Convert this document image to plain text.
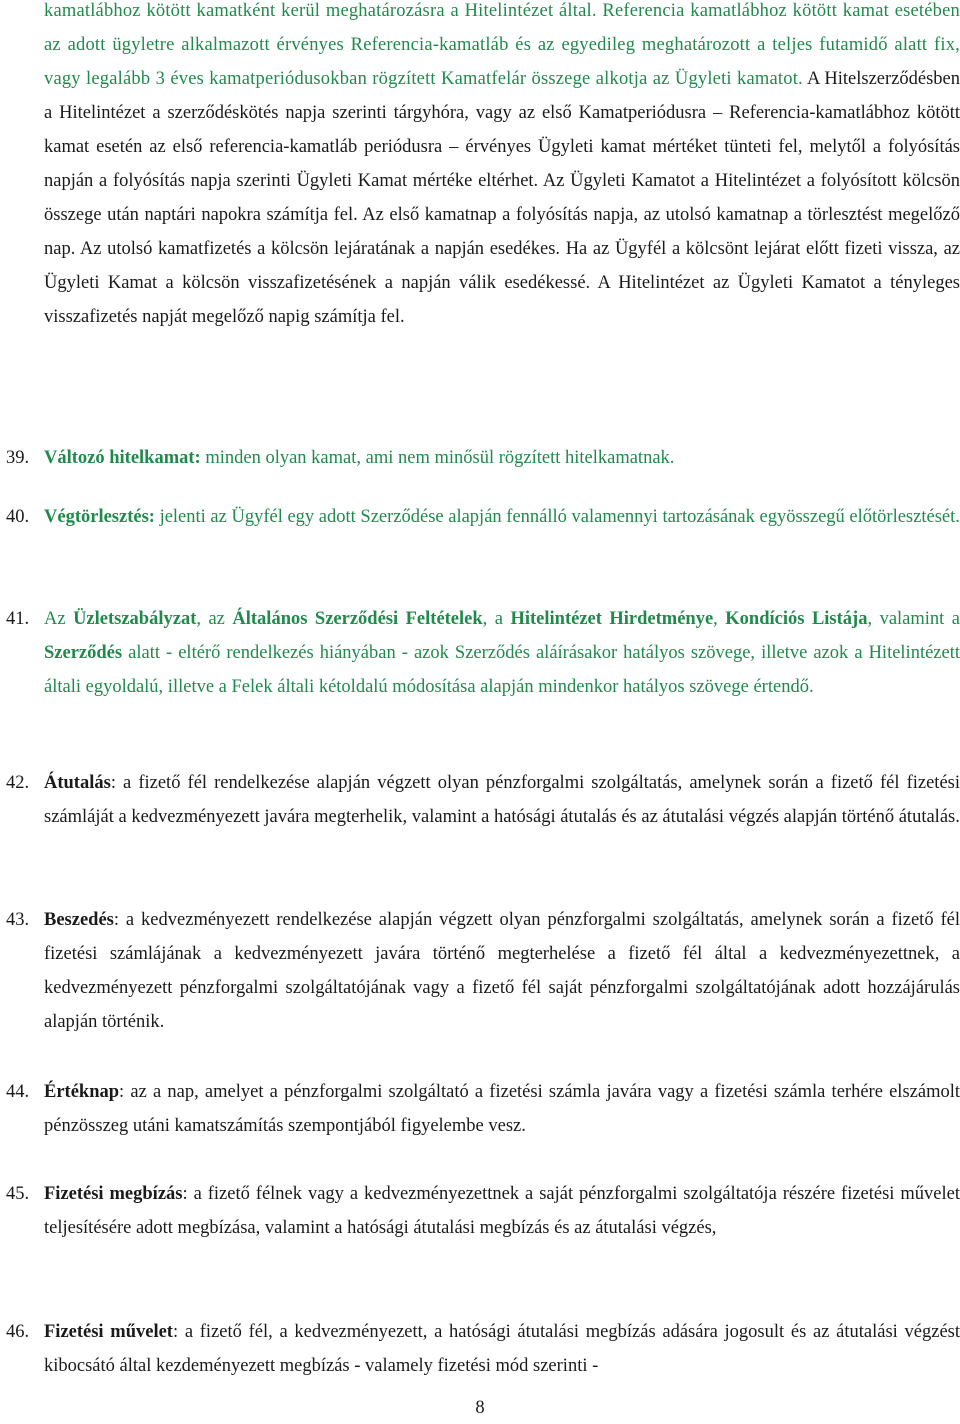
kamatlábhoz kötött kamatként kerül meghatározásra a Hitelintézet által. Referencia kamatlábhoz kötött kamat esetében az adott ügyletre alkalmazott érvényes Referencia-kamatláb és az egyedileg meghatározott a teljes futamidő alatt fix, vagy legalább 3 éves kamatperiódusokban rögzített Kamatfelár összege alkotja az Ügyleti kamatot. A Hitelszerződésben a Hitelintézet a szerződéskötés napja szerinti tárgyhóra, vagy az első Kamatperiódusra – Referencia-kamatlábhoz kötött kamat esetén az első referencia-kamatláb periódusra – érvényes Ügyleti kamat mértéket tünteti fel, melytől a folyósítás napján a folyósítás napja szerinti Ügyleti Kamat mértéke eltérhet. Az Ügyleti Kamatot a Hitelintézet a folyósított kölcsön összege után naptári napokra számítja fel. Az első kamatnap a folyósítás napja, az utolsó kamatnap a törlesztést megelőző nap. Az utolsó kamatfizetés a kölcsön lejáratának a napján esedékes. Ha az Ügyfél a kölcsönt lejárat előtt fizeti vissza, az Ügyleti Kamat a kölcsön visszafizetésének a napján válik esedékessé. A Hitelintézet az Ügyleti Kamatot a tényleges visszafizetés napját megelőző napig számítja fel.

39. Változó hitelkamat: minden olyan kamat, ami nem minősül rögzített hitelkamatnak.
40. Végtörlesztés: jelenti az Ügyfél egy adott Szerződése alapján fennálló valamennyi tartozásának egyösszegű előtörlesztését.
41. Az Üzletszabályzat, az Általános Szerződési Feltételek, a Hitelintézet Hirdetménye, Kondíciós Listája, valamint a Szerződés alatt - eltérő rendelkezés hiányában - azok Szerződés aláírásakor hatályos szövege, illetve azok a Hitelintézett általi egyoldalú, illetve a Felek általi kétoldalú módosítása alapján mindenkor hatályos szövege értendő.
42. Átutalás: a fizető fél rendelkezése alapján végzett olyan pénzforgalmi szolgáltatás, amelynek során a fizető fél fizetési számláját a kedvezményezett javára megterhelik, valamint a hatósági átutalás és az átutalási végzés alapján történő átutalás.
43. Beszedés: a kedvezményezett rendelkezése alapján végzett olyan pénzforgalmi szolgáltatás, amelynek során a fizető fél fizetési számlájának a kedvezményezett javára történő megterhelése a fizető fél által a kedvezményezettnek, a kedvezményezett pénzforgalmi szolgáltatójának vagy a fizető fél saját pénzforgalmi szolgáltatójának adott hozzájárulás alapján történik.
44. Értéknap: az a nap, amelyet a pénzforgalmi szolgáltató a fizetési számla javára vagy a fizetési számla terhére elszámolt pénzösszeg utáni kamatszámítás szempontjából figyelembe vesz.
45. Fizetési megbízás: a fizető félnek vagy a kedvezményezettnek a saját pénzforgalmi szolgáltatója részére fizetési művelet teljesítésére adott megbízása, valamint a hatósági átutalási megbízás és az átutalási végzés,
46. Fizetési művelet: a fizető fél, a kedvezményezett, a hatósági átutalási megbízás adására jogosult és az átutalási végzést kibocsátó által kezdeményezett megbízás - valamely fizetési mód szerinti -
8
